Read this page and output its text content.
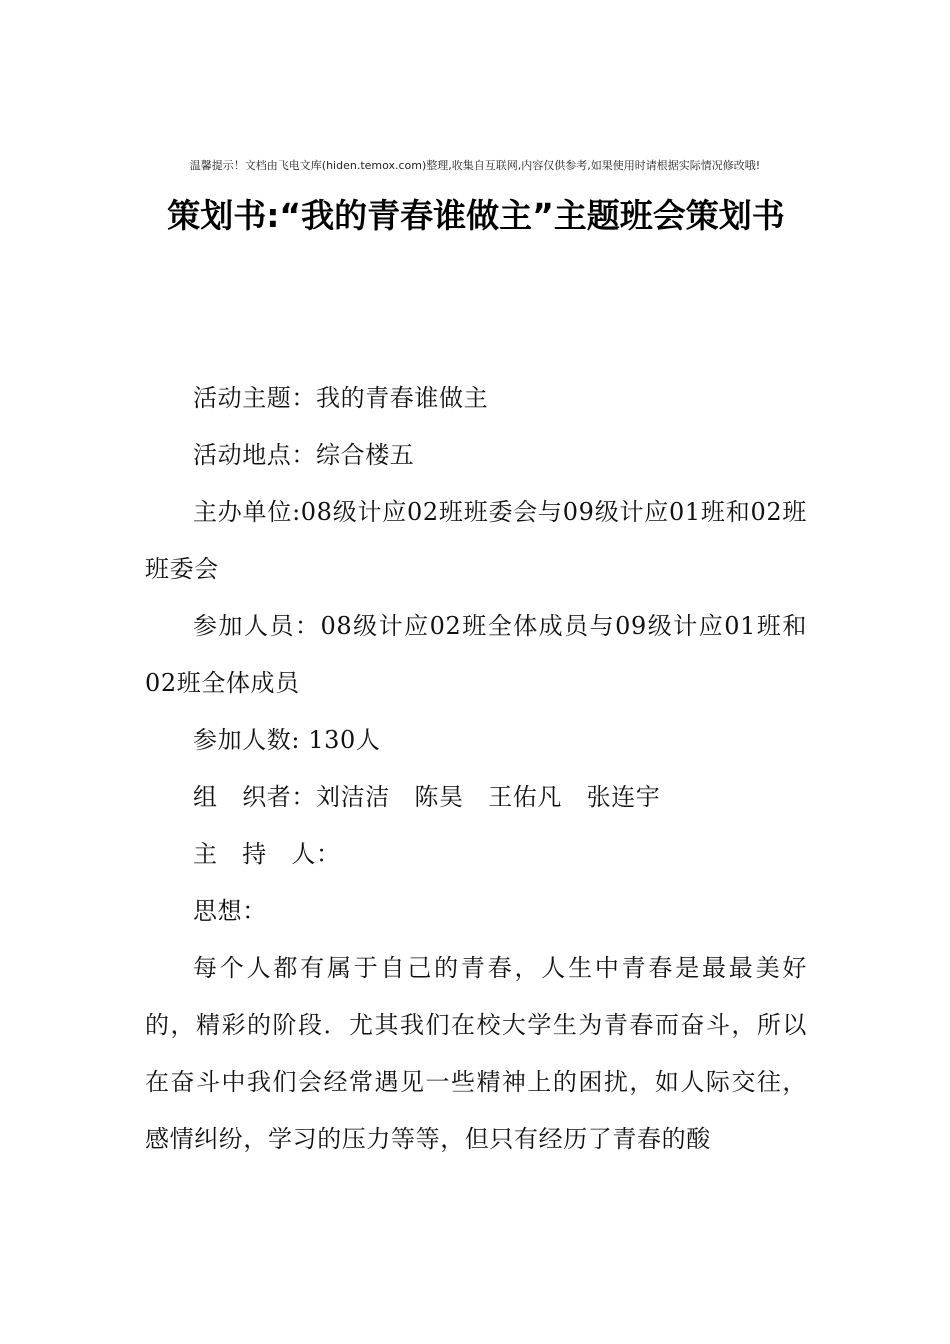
温馨提示！文档由飞电文库(hiden.temox.com)整理,收集自互联网,内容仅供参考,如果使用时请根据实际情况修改哦!
策划书:“我的青春谁做主”主题班会策划书

活动主题：我的青春谁做主

活动地点：综合楼五

主办单位:08级计应02班班委会与09级计应01班和02班班委会

参加人员：08级计应02班全体成员与09级计应01班和02班全体成员

参加人数: 130人

组　织者：刘洁洁　陈昊　王佑凡　张连宇

主　持　人：

思想：

每个人都有属于自己的青春，人生中青春是最最美好的，精彩的阶段．尤其我们在校大学生为青春而奋斗，所以在奋斗中我们会经常遇见一些精神上的困扰，如人际交往，感情纠纷，学习的压力等等，但只有经历了青春的酸
